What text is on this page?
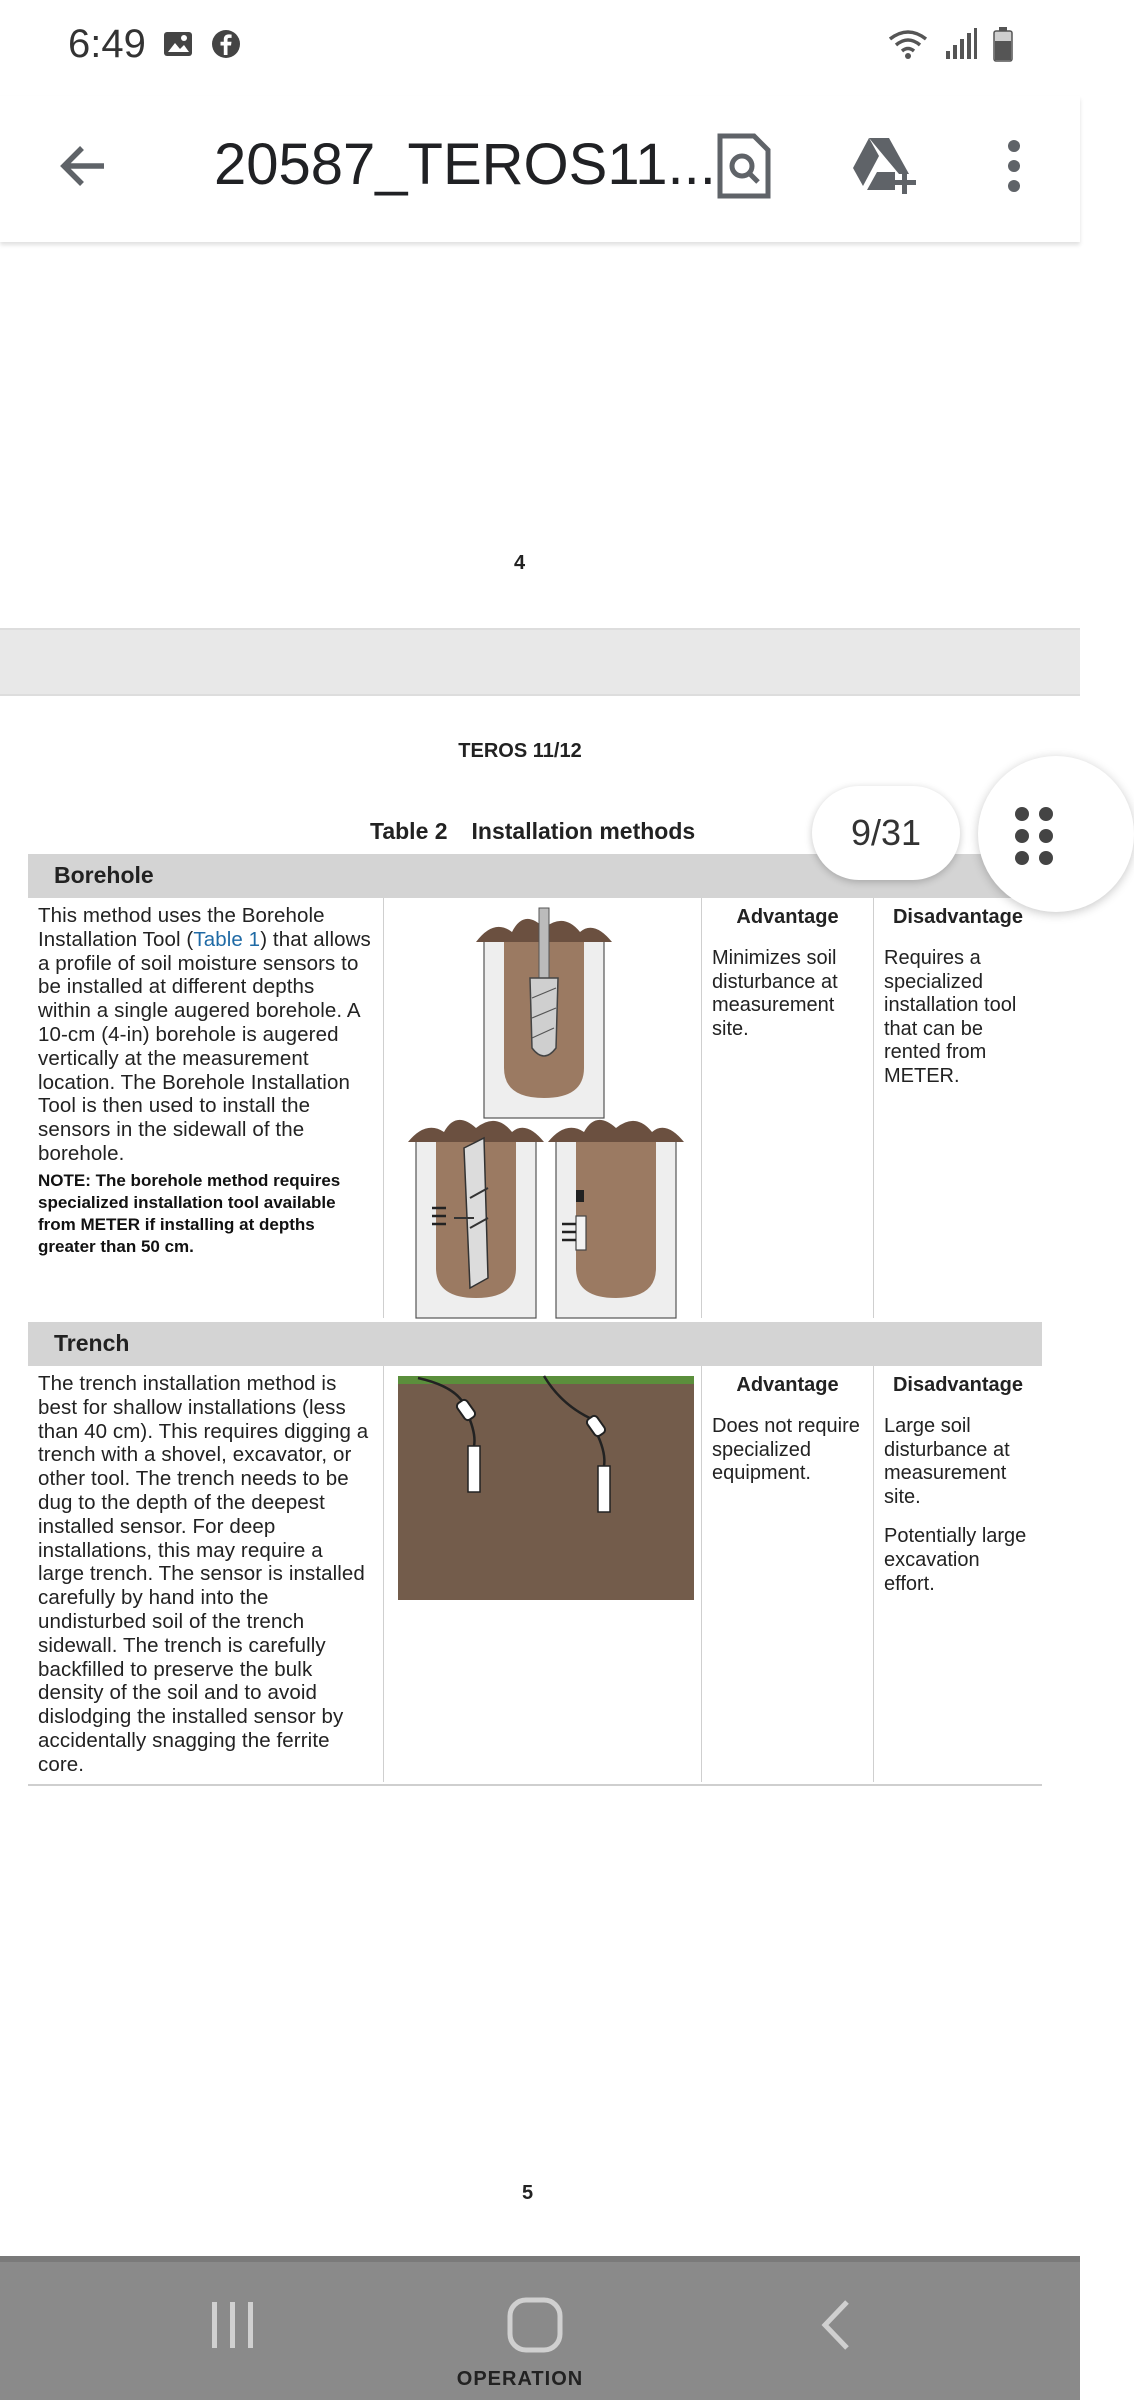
6:49
20587_TEROS11...
4
TEROS 11/12
Table 2 Installation methods
Borehole
This method uses the Borehole Installation Tool (Table 1) that allows a profile of soil moisture sensors to be installed at different depths within a single augered borehole. A 10-cm (4-in) borehole is augered vertically at the measurement location. The Borehole Installation Tool is then used to install the sensors in the sidewall of the borehole.
NOTE: The borehole method requires specialized installation tool available from METER if installing at depths greater than 50 cm.
Advantage
Minimizes soil disturbance at measurement site.
Disadvantage
Requires a specialized installation tool that can be rented from METER.
Trench
The trench installation method is best for shallow installations (less than 40 cm). This requires digging a trench with a shovel, excavator, or other tool. The trench needs to be dug to the depth of the deepest installed sensor. For deep installations, this may require a large trench. The sensor is installed carefully by hand into the undisturbed soil of the trench sidewall. The trench is carefully backfilled to preserve the bulk density of the soil and to avoid dislodging the installed sensor by accidentally snagging the ferrite core.
Advantage
Does not require specialized equipment.
Disadvantage

Large soil disturbance at measurement site.

Potentially large excavation effort.

5
9/31
OPERATION
